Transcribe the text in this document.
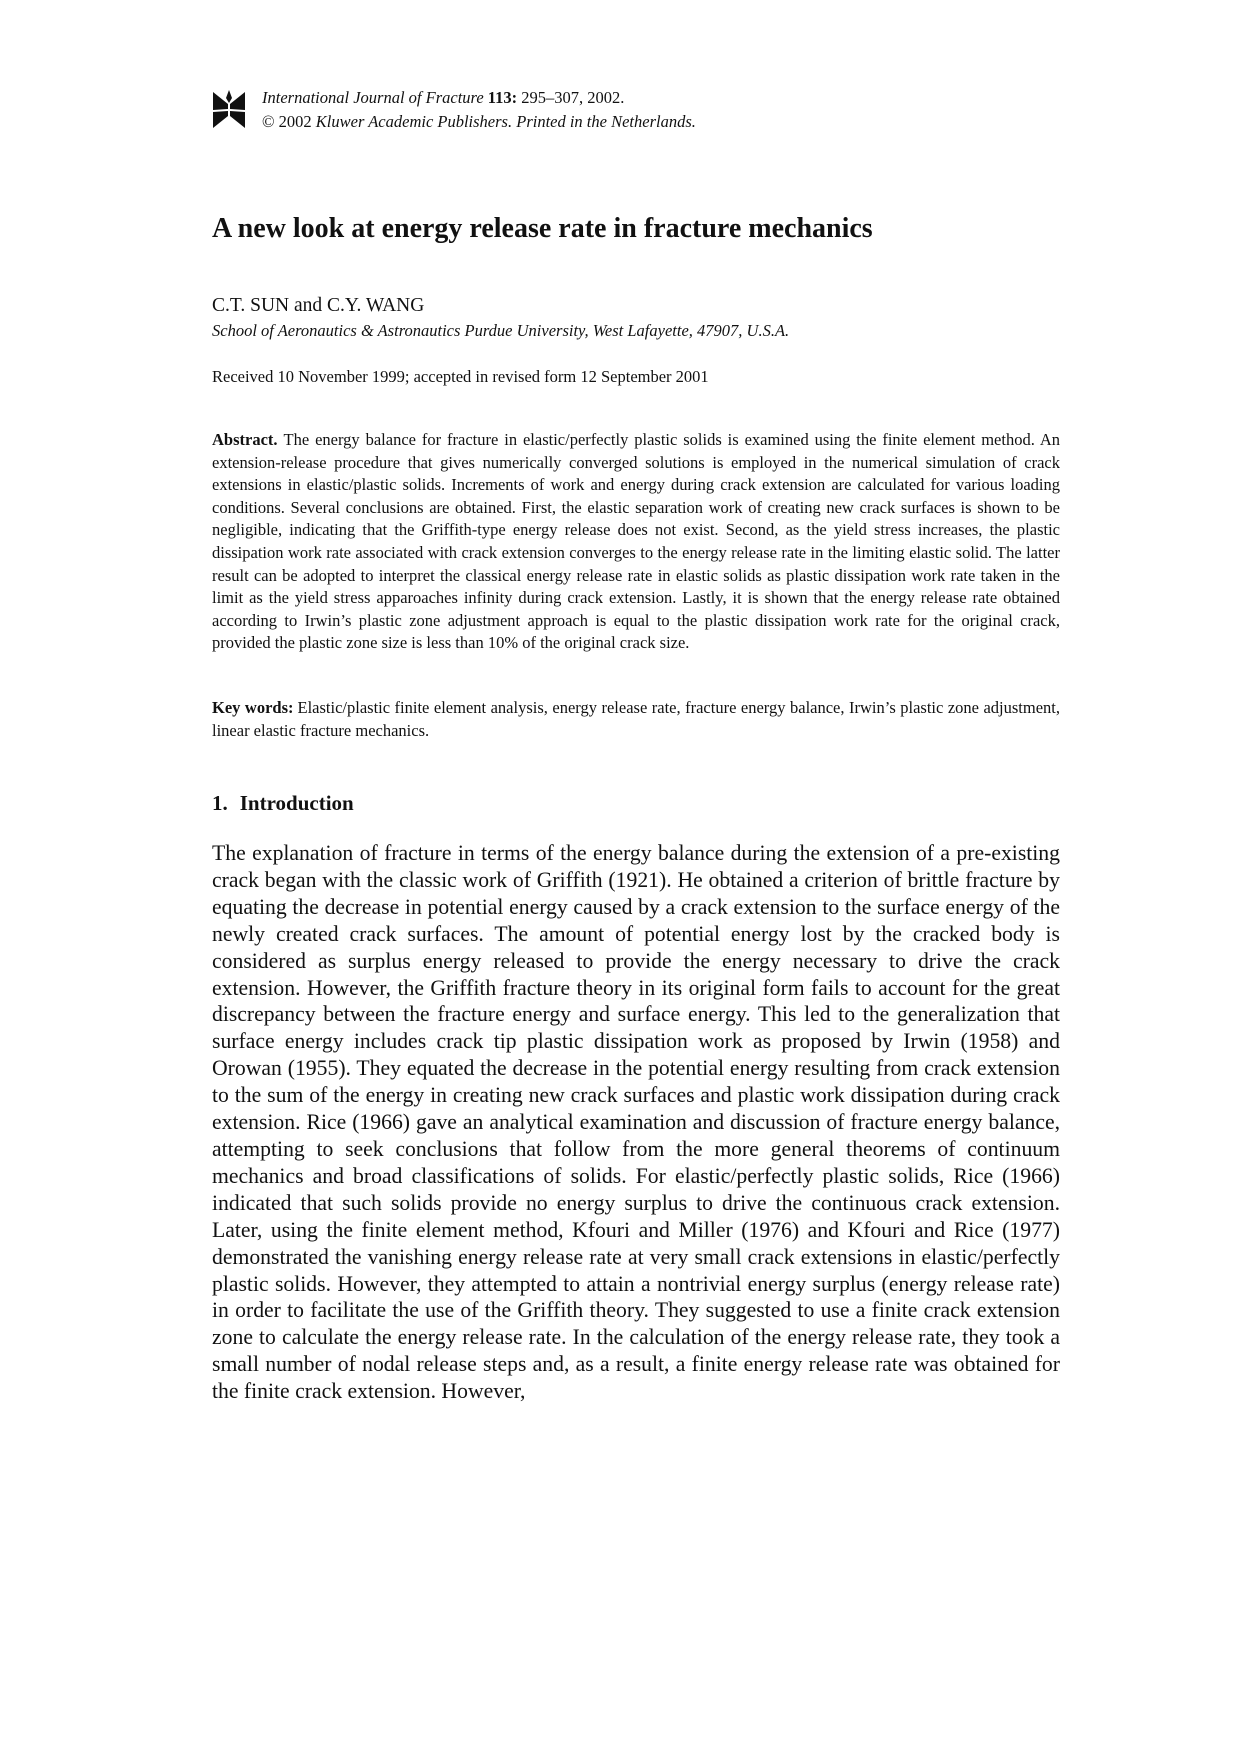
International Journal of Fracture 113: 295–307, 2002.
© 2002 Kluwer Academic Publishers. Printed in the Netherlands.
A new look at energy release rate in fracture mechanics
C.T. SUN and C.Y. WANG
School of Aeronautics & Astronautics Purdue University, West Lafayette, 47907, U.S.A.
Received 10 November 1999; accepted in revised form 12 September 2001

Abstract. The energy balance for fracture in elastic/perfectly plastic solids is examined using the finite element method. An extension-release procedure that gives numerically converged solutions is employed in the numerical simulation of crack extensions in elastic/plastic solids. Increments of work and energy during crack extension are calculated for various loading conditions. Several conclusions are obtained. First, the elastic separation work of creating new crack surfaces is shown to be negligible, indicating that the Griffith-type energy release does not exist. Second, as the yield stress increases, the plastic dissipation work rate associated with crack extension converges to the energy release rate in the limiting elastic solid. The latter result can be adopted to interpret the classical energy release rate in elastic solids as plastic dissipation work rate taken in the limit as the yield stress apparoaches infinity during crack extension. Lastly, it is shown that the energy release rate obtained according to Irwin’s plastic zone adjustment approach is equal to the plastic dissipation work rate for the original crack, provided the plastic zone size is less than 10% of the original crack size.

Key words: Elastic/plastic finite element analysis, energy release rate, fracture energy balance, Irwin’s plastic zone adjustment, linear elastic fracture mechanics.

1. Introduction

The explanation of fracture in terms of the energy balance during the extension of a pre-existing crack began with the classic work of Griffith (1921). He obtained a criterion of brittle fracture by equating the decrease in potential energy caused by a crack extension to the surface energy of the newly created crack surfaces. The amount of potential energy lost by the cracked body is considered as surplus energy released to provide the energy necessary to drive the crack extension. However, the Griffith fracture theory in its original form fails to account for the great discrepancy between the fracture energy and surface energy. This led to the generalization that surface energy includes crack tip plastic dissipation work as proposed by Irwin (1958) and Orowan (1955). They equated the decrease in the potential energy resulting from crack extension to the sum of the energy in creating new crack surfaces and plastic work dissipation during crack extension. Rice (1966) gave an analytical examination and discussion of fracture energy balance, attempting to seek conclusions that follow from the more general theorems of continuum mechanics and broad classifications of solids. For elastic/perfectly plastic solids, Rice (1966) indicated that such solids provide no energy surplus to drive the continuous crack extension. Later, using the finite element method, Kfouri and Miller (1976) and Kfouri and Rice (1977) demonstrated the vanishing energy release rate at very small crack extensions in elastic/perfectly plastic solids. However, they attempted to attain a nontrivial energy surplus (energy release rate) in order to facilitate the use of the Griffith theory. They suggested to use a finite crack extension zone to calculate the energy release rate. In the calculation of the energy release rate, they took a small number of nodal release steps and, as a result, a finite energy release rate was obtained for the finite crack extension. However,
